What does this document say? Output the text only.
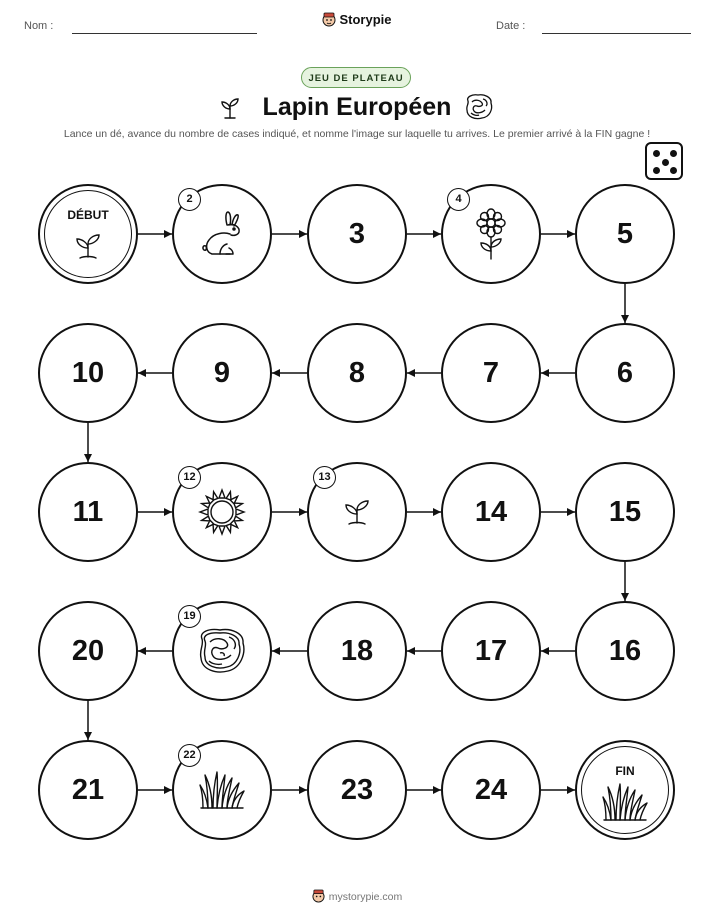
Nom :	Storypie	Date :
JEU DE PLATEAU
Lapin Européen
Lance un dé, avance du nombre de cases indiqué, et nomme l'image sur laquelle tu arrives. Le premier arrivé à la FIN gagne !
DÉBUT
2
3
4
5
6
7
8
9
10
11
12	13
14	15
16
17
18
19
20
21
22
23	24
FIN
mystorypie.com
